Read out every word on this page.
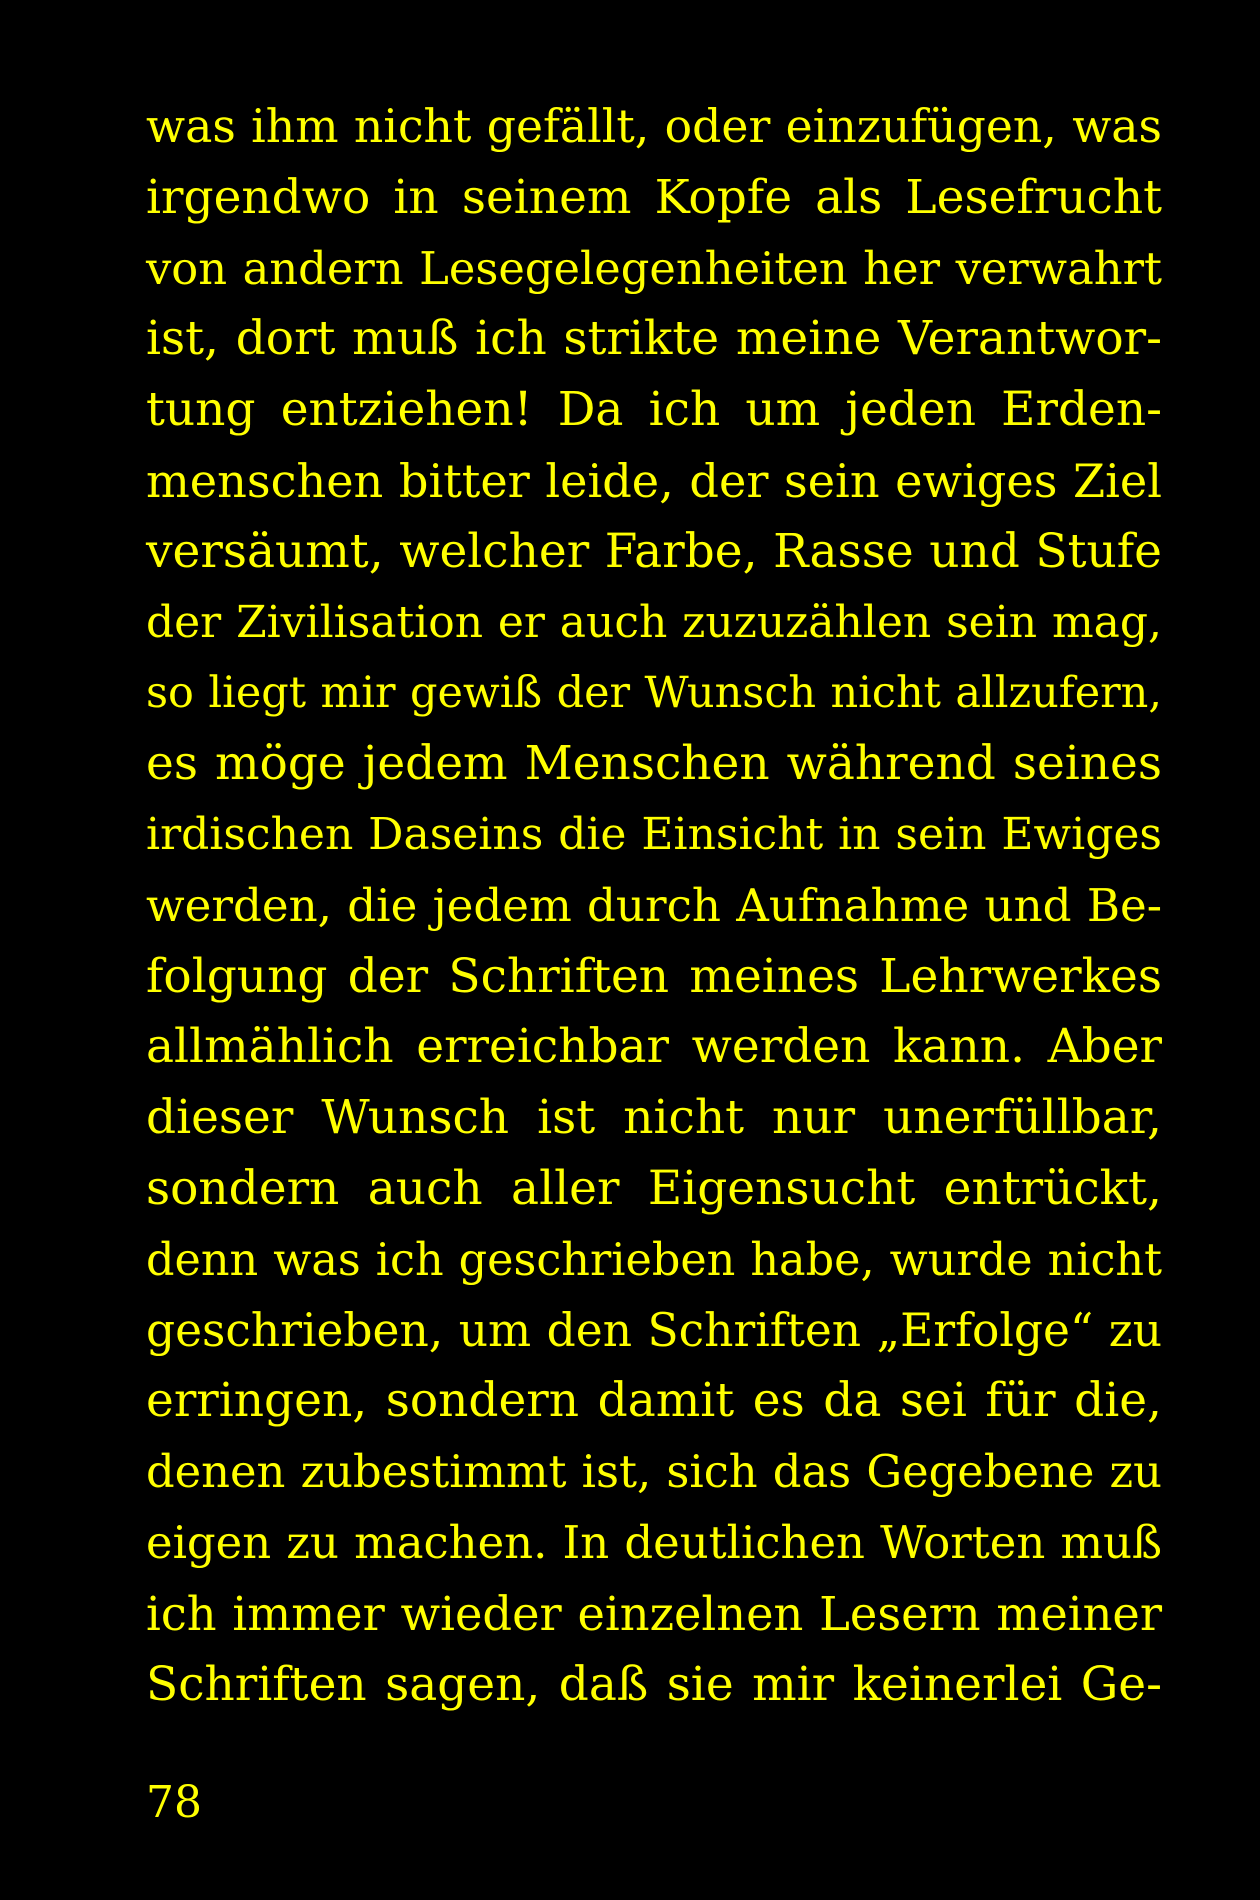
was ihm nicht gefällt, oder einzufügen, was
irgendwo in seinem Kopfe als Lesefrucht
von andern Lesegelegenheiten her verwahrt
ist, dort muß ich strikte meine Verantwor-
tung entziehen! Da ich um jeden Erden-
menschen bitter leide, der sein ewiges Ziel
versäumt, welcher Farbe, Rasse und Stufe
der Zivilisation er auch zuzuzählen sein mag,
so liegt mir gewiß der Wunsch nicht allzufern,
es möge jedem Menschen während seines
irdischen Daseins die Einsicht in sein Ewiges
werden, die jedem durch Aufnahme und Be-
folgung der Schriften meines Lehrwerkes
allmählich erreichbar werden kann. Aber
dieser Wunsch ist nicht nur unerfüllbar,
sondern auch aller Eigensucht entrückt,
denn was ich geschrieben habe, wurde nicht
geschrieben, um den Schriften „Erfolge“ zu
erringen, sondern damit es da sei für die,
denen zubestimmt ist, sich das Gegebene zu
eigen zu machen. In deutlichen Worten muß
ich immer wieder einzelnen Lesern meiner
Schriften sagen, daß sie mir keinerlei Ge-
78
